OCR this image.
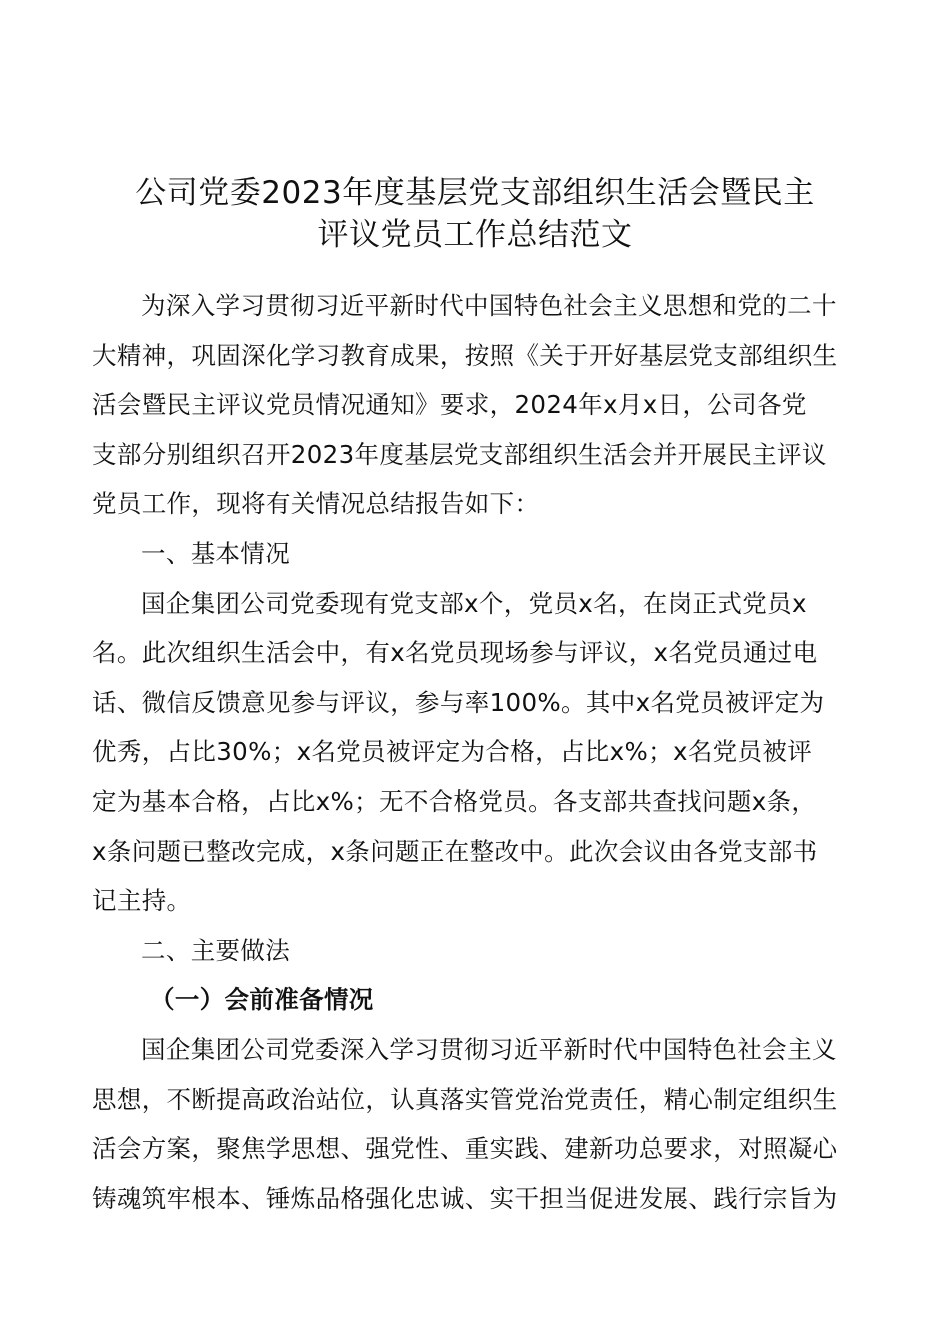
公司党委2023年度基层党支部组织生活会暨民主
评议党员工作总结范文
为深入学习贯彻习近平新时代中国特色社会主义思想和党的二十
大精神，巩固深化学习教育成果，按照《关于开好基层党支部组织生
活会暨民主评议党员情况通知》要求，2024年x月x日，公司各党
支部分别组织召开2023年度基层党支部组织生活会并开展民主评议
党员工作，现将有关情况总结报告如下：
一、基本情况
国企集团公司党委现有党支部x个，党员x名，在岗正式党员x
名。此次组织生活会中，有x名党员现场参与评议，x名党员通过电
话、微信反馈意见参与评议，参与率100%。其中x名党员被评定为
优秀，占比30%；x名党员被评定为合格，占比x%；x名党员被评
定为基本合格，占比x%；无不合格党员。各支部共查找问题x条，
x条问题已整改完成，x条问题正在整改中。此次会议由各党支部书
记主持。
二、主要做法
（一）会前准备情况
国企集团公司党委深入学习贯彻习近平新时代中国特色社会主义
思想，不断提高政治站位，认真落实管党治党责任，精心制定组织生
活会方案，聚焦学思想、强党性、重实践、建新功总要求，对照凝心
铸魂筑牢根本、锤炼品格强化忠诚、实干担当促进发展、践行宗旨为
